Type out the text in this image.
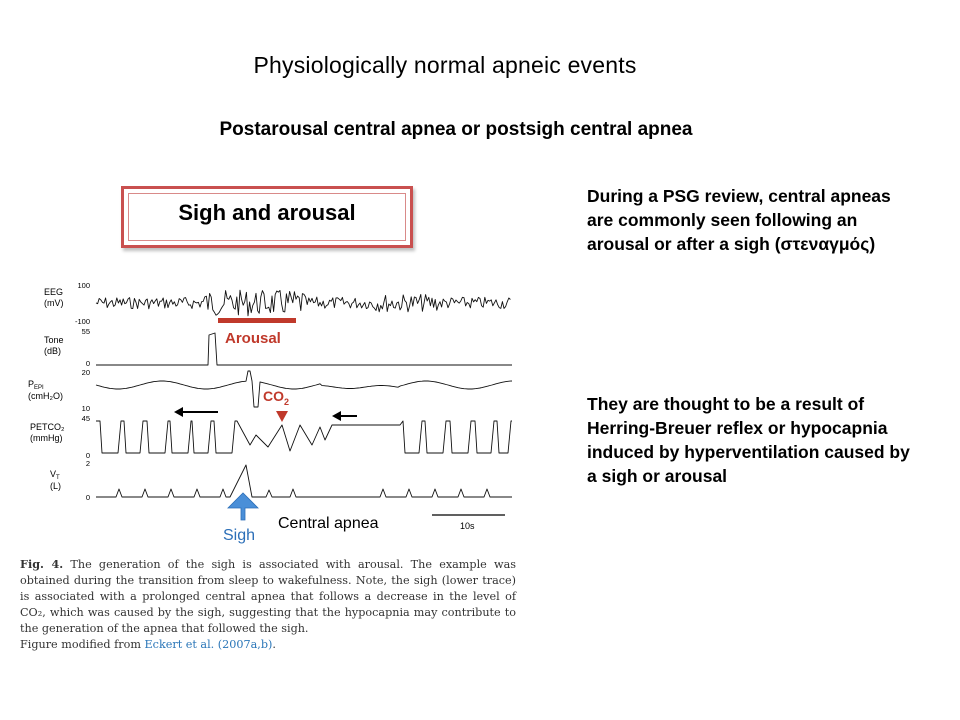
Physiologically normal apneic events
Postarousal central apnea or postsigh central apnea
Sigh and arousal
EEG
(mV)
Tone
(dB)
$P_{EPI}$
(cmH₂O)
PETCO₂
(mmHg)
$V_T$
(L)
100
-100
55
0
20
10
45
0
2
0
Arousal
$CO_2$
Sigh
Central apnea	10s
During a PSG review, central apneas are commonly seen following an arousal or after a sigh (στεναγμός)
They are thought to be a result of Herring-Breuer reflex or hypocapnia induced by hyperventilation caused by a sigh or arousal

Fig. 4. The generation of the sigh is associated with arousal. The example was obtained during the transition from sleep to wakefulness. Note, the sigh (lower trace) is associated with a prolonged central apnea that follows a decrease in the level of CO₂, which was caused by the sigh, suggesting that the hypocapnia may contribute to the generation of the apnea that followed the sigh.

Figure modified from Eckert et al. (2007a,b).
